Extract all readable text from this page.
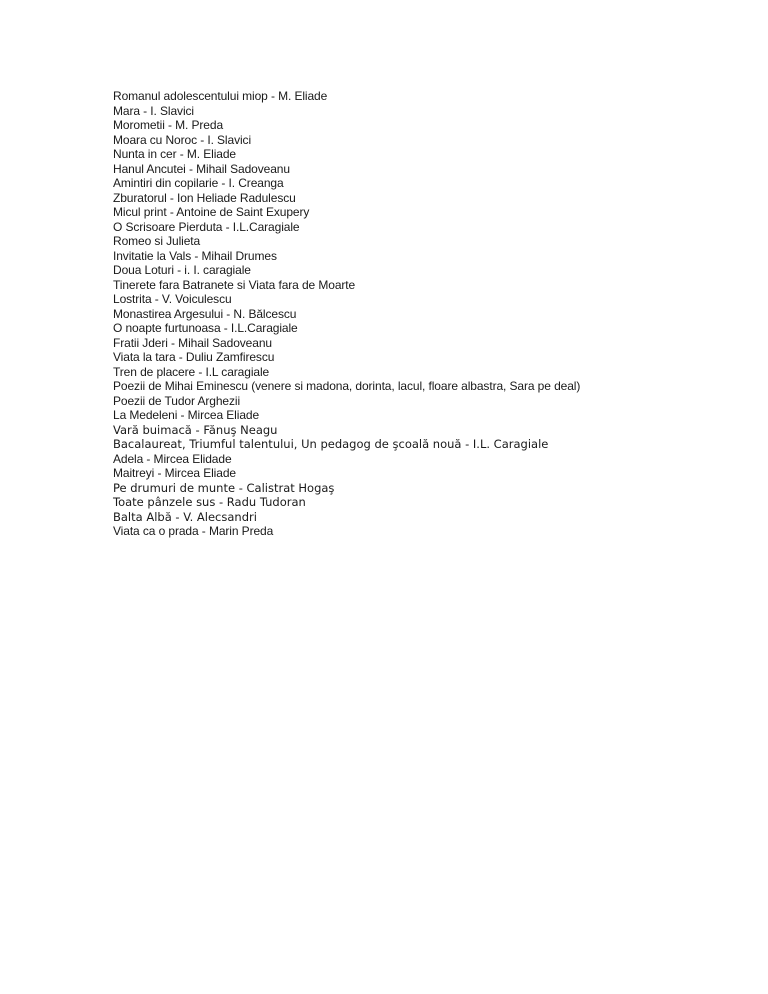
Romanul adolescentului miop - M. Eliade
Mara - I. Slavici
Morometii - M. Preda
Moara cu Noroc - I. Slavici
Nunta in cer - M. Eliade
Hanul Ancutei - Mihail Sadoveanu
Amintiri din copilarie - I. Creanga
Zburatorul - Ion Heliade Radulescu
Micul print - Antoine de Saint Exupery
O Scrisoare Pierduta - I.L.Caragiale
Romeo si Julieta
Invitatie la Vals - Mihail Drumes
Doua Loturi - i. I. caragiale
Tinerete fara Batranete si Viata fara de Moarte
Lostrita - V. Voiculescu
Monastirea Argesului - N. Bălcescu
O noapte furtunoasa - I.L.Caragiale
Fratii Jderi - Mihail Sadoveanu
Viata la tara - Duliu Zamfirescu
Tren de placere - I.L caragiale
Poezii de Mihai Eminescu (venere si madona, dorinta, lacul, floare albastra, Sara pe deal)
Poezii de Tudor Arghezii
La Medeleni - Mircea Eliade
Vară buimacă - Fănuş Neagu
Bacalaureat, Triumful talentului, Un pedagog de şcoală nouă - I.L. Caragiale
Adela - Mircea Elidade
Maitreyi - Mircea Eliade
Pe drumuri de munte - Calistrat Hogaş
Toate pânzele sus - Radu Tudoran
Balta Albă - V. Alecsandri
Viata ca o prada - Marin Preda
